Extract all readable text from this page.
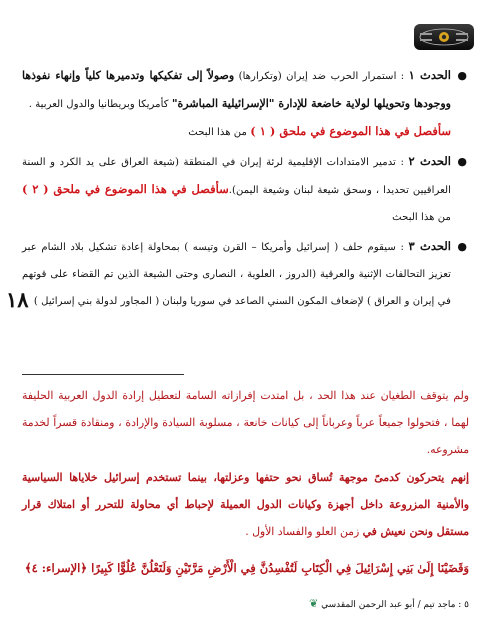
١٨
●
الحدث ١ : استمرار الحرب ضد إيران (وتكرارها) وصولاً إلى تفكيكها وتدميرها كلياً وإنهاء نفوذها ووجودها وتحويلها لولاية خاضعة للإدارة "الإسرائيلية المباشرة" كأمريكا وبريطانيا والدول العربية .
سأفصل في هذا الموضوع في ملحق ( ١ ) من هذا البحث
●
الحدث ٢ : تدمير الامتدادات الإقليمية لرئة إيران في المنطقة (شيعة العراق على يد الكرد و السنة العراقيين تحديدا ، وسحق شيعة لبنان وشيعة اليمن).سأفصل في هذا الموضوع في ملحق ( ٢ ) من هذا البحث
●
الحدث ٣ : سيقوم حلف ( إسرائيل وأمريكا – القرن وتيسه ) بمحاولة إعادة تشكيل بلاد الشام عبر تعزيز التحالفات الإثنية والعرقية (الدروز ، العلوية ، النصارى وحتى الشيعة الذين تم القضاء على قوتهم في إيران و العراق ) لإضعاف المكون السني الصاعد في سوريا ولبنان ( المجاور لدولة بني إسرائيل )
ولم يتوقف الطغيان عند هذا الحد ، بل امتدت إفرازاته السامة لتعطيل إرادة الدول العربية الحليفة لهما ، فتحولوا جميعاً عرباً وعرباناً إلى كيانات خانعة ، مسلوبة السيادة والإرادة ، ومنقادة قسراً لخدمة مشروعه.
إنهم يتحركون كدمىً موجهة تُساق نحو حتفها وعزلتها، بينما تستخدم إسرائيل خلاياها السياسية والأمنية المزروعة داخل أجهزة وكيانات الدول العميلة لإحباط أي محاولة للتحرر أو امتلاك قرار مستقل ونحن نعيش في زمن العلو والفساد الأول .
وَقَضَيْنَا إِلَىٰ بَنِي إِسْرَائِيلَ فِي الْكِتَابِ لَتُفْسِدُنَّ فِي الْأَرْضِ مَرَّتَيْنِ وَلَتَعْلُنَّ عُلُوًّا كَبِيرًا ﴿الإسراء: ٤﴾
٥ : ماجد تيم / أبو عبد الرحمن المقدسي ❦
